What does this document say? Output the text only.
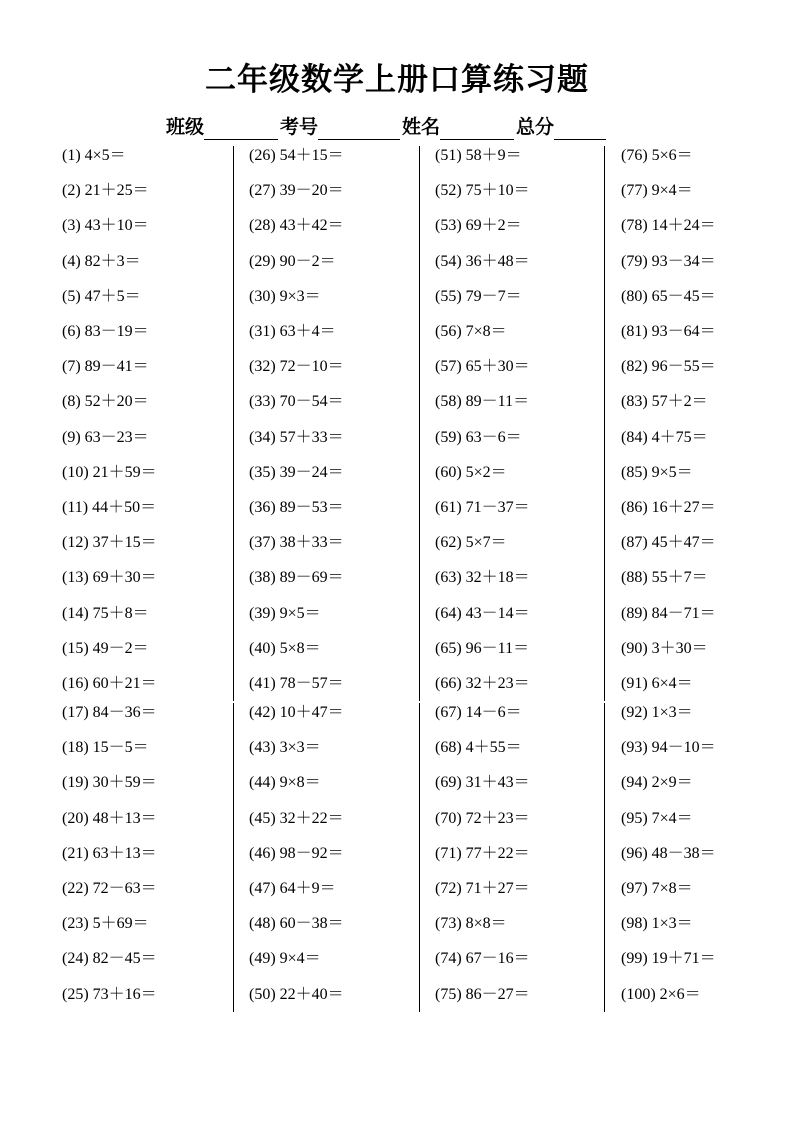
二年级数学上册口算练习题
班级	考号	姓名	总分
(1) 4×5＝
(2) 21＋25＝
(3) 43＋10＝
(4) 82＋3＝
(5) 47＋5＝
(6) 83－19＝
(7) 89－41＝
(8) 52＋20＝
(9) 63－23＝
(10) 21＋59＝
(11) 44＋50＝
(12) 37＋15＝
(13) 69＋30＝
(14) 75＋8＝
(15) 49－2＝
(16) 60＋21＝
(26) 54＋15＝
(27) 39－20＝
(28) 43＋42＝
(29) 90－2＝
(30) 9×3＝
(31) 63＋4＝
(32) 72－10＝
(33) 70－54＝
(34) 57＋33＝
(35) 39－24＝
(36) 89－53＝
(37) 38＋33＝
(38) 89－69＝
(39) 9×5＝
(40) 5×8＝
(41) 78－57＝
(51) 58＋9＝
(52) 75＋10＝
(53) 69＋2＝
(54) 36＋48＝
(55) 79－7＝
(56) 7×8＝
(57) 65＋30＝
(58) 89－11＝
(59) 63－6＝
(60) 5×2＝
(61) 71－37＝
(62) 5×7＝
(63) 32＋18＝
(64) 43－14＝
(65) 96－11＝
(66) 32＋23＝
(76) 5×6＝
(77) 9×4＝
(78) 14＋24＝
(79) 93－34＝
(80) 65－45＝
(81) 93－64＝
(82) 96－55＝
(83) 57＋2＝
(84) 4＋75＝
(85) 9×5＝
(86) 16＋27＝
(87) 45＋47＝
(88) 55＋7＝
(89) 84－71＝
(90) 3＋30＝
(91) 6×4＝
(17) 84－36＝
(18) 15－5＝
(19) 30＋59＝
(20) 48＋13＝
(21) 63＋13＝
(22) 72－63＝
(23) 5＋69＝
(24) 82－45＝
(25) 73＋16＝
(42) 10＋47＝
(43) 3×3＝
(44) 9×8＝
(45) 32＋22＝
(46) 98－92＝
(47) 64＋9＝
(48) 60－38＝
(49) 9×4＝
(50) 22＋40＝
(67) 14－6＝
(68) 4＋55＝
(69) 31＋43＝
(70) 72＋23＝
(71) 77＋22＝
(72) 71＋27＝
(73) 8×8＝
(74) 67－16＝
(75) 86－27＝
(92) 1×3＝
(93) 94－10＝
(94) 2×9＝
(95) 7×4＝
(96) 48－38＝
(97) 7×8＝
(98) 1×3＝
(99) 19＋71＝
(100) 2×6＝
